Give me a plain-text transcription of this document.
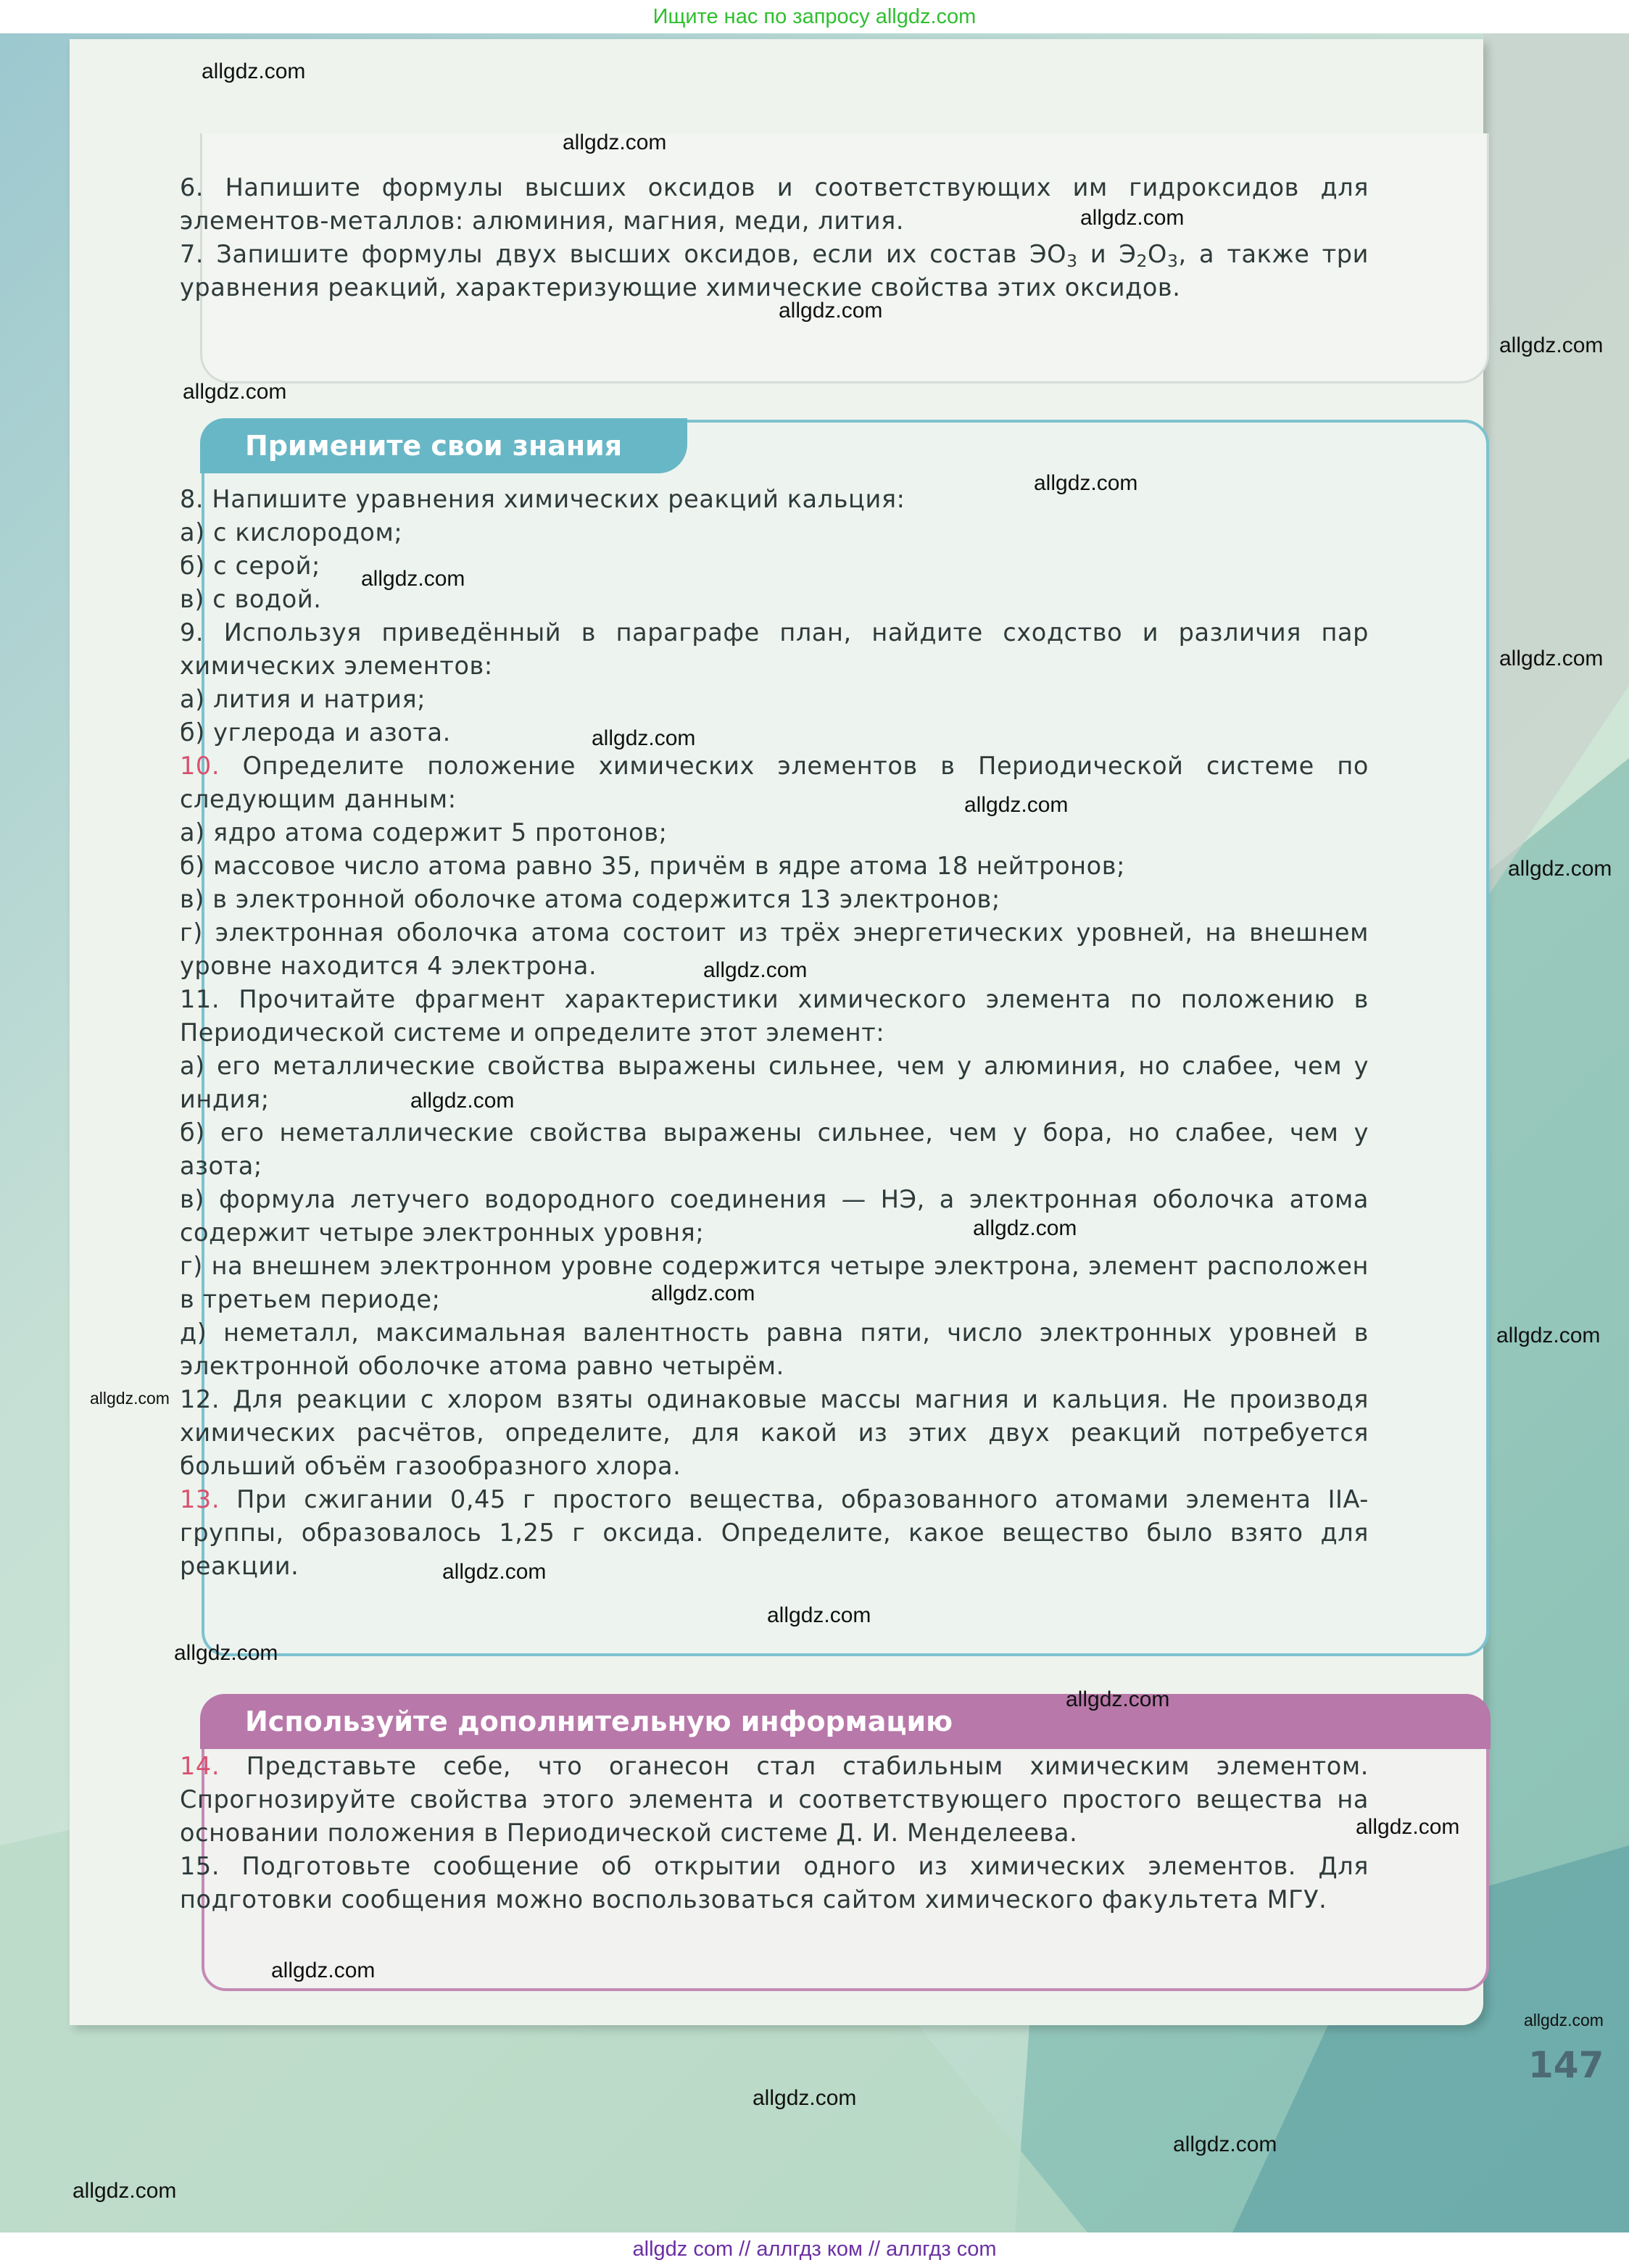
Ищите нас по запросу allgdz.com
Примените свои знания
Используйте дополнительную информацию

6. Напишите формулы высших оксидов и соответствующих им гидроксидов для элементов-металлов: алюминия, магния, меди, лития.

7. Запишите формулы двух высших оксидов, если их состав $ЭО_3$ и $Э_2O_3$, а также три уравнения реакций, характеризующие химические свойства этих оксидов.

8. Напишите уравнения химических реакций кальция:

а) с кислородом;

б) с серой;

в) с водой.

9. Используя приведённый в параграфе план, найдите сходство и различия пар химических элементов:

а) лития и натрия;

б) углерода и азота.

10. Определите положение химических элементов в Периодической системе по следующим данным:

а) ядро атома содержит 5 протонов;

б) массовое число атома равно 35, причём в ядре атома 18 нейтронов;

в) в электронной оболочке атома содержится 13 электронов;

г) электронная оболочка атома состоит из трёх энергетических уровней, на внешнем уровне находится 4 электрона.

11. Прочитайте фрагмент характеристики химического элемента по положению в Периодической системе и определите этот элемент:

а) его металлические свойства выражены сильнее, чем у алюминия, но слабее, чем у индия;

б) его неметаллические свойства выражены сильнее, чем у бора, но слабее, чем у азота;

в) формула летучего водородного соединения — НЭ, а электронная оболочка атома содержит четыре электронных уровня;

г) на внешнем электронном уровне содержится четыре электрона, элемент расположен в третьем периоде;

д) неметалл, максимальная валентность равна пяти, число электронных уровней в электронной оболочке атома равно четырём.

12. Для реакции с хлором взяты одинаковые массы магния и кальция. Не производя химических расчётов, определите, для какой из этих двух реакций потребуется больший объём газообразного хлора.

13. При сжигании 0,45 г простого вещества, образованного атомами элемента IIA-группы, образовалось 1,25 г оксида. Определите, какое вещество было взято для реакции.

14. Представьте себе, что оганесон стал стабильным химическим элементом. Спрогнозируйте свойства этого элемента и соответствующего простого вещества на основании положения в Периодической системе Д. И. Менделеева.

15. Подготовьте сообщение об открытии одного из химических элементов. Для подготовки сообщения можно воспользоваться сайтом химического факультета МГУ.

147
allgdz.com
allgdz.com
allgdz.com
allgdz.com
allgdz.com
allgdz.com
allgdz.com
allgdz.com
allgdz.com
allgdz.com
allgdz.com
allgdz.com
allgdz.com
allgdz.com
allgdz.com
allgdz.com
allgdz.com
allgdz.com
allgdz.com
allgdz.com
allgdz.com
allgdz.com
allgdz.com
allgdz.com
allgdz.com
allgdz.com
allgdz.com
allgdz.com
allgdz com // аллгдз ком // аллгдз com
